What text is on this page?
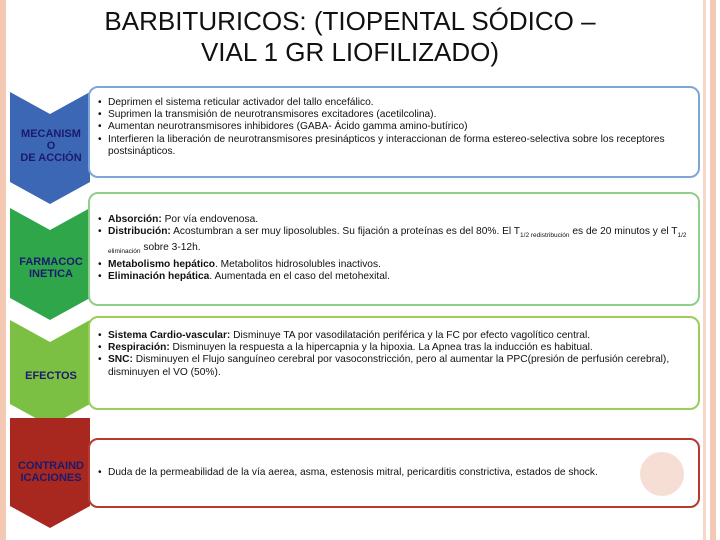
BARBITURICOS: (TIOPENTAL SÓDICO –
VIAL 1 GR LIOFILIZADO)
MECANISM
O
DE ACCIÓN
• Deprimen el sistema reticular activador del tallo encefálico.
• Suprimen la transmisión de neurotransmisores excitadores (acetilcolina).
• Aumentan neurotransmisores inhibidores (GABA- Ácido gamma amino-butírico)
• Interfieren la liberación de neurotransmisores presinápticos y interaccionan de forma estereo-selectiva sobre los receptores postsinápticos.
FARMACOC
INETICA
• Absorción: Por vía endovenosa.
• Distribución: Acostumbran a ser muy liposolubles. Su fijación a proteínas es del 80%. El $T_{1/2 redistribución}$ es de 20 minutos y el $T_{1/2 eliminación}$ sobre 3-12h.
• Metabolismo hepático. Metabolitos hidrosolubles inactivos.
• Eliminación hepática. Aumentada en el caso del metohexital.
EFECTOS
• Sistema Cardio-vascular: Disminuye TA por vasodilatación periférica y la FC por efecto vagolítico central.
• Respiración: Disminuyen la respuesta a la hipercapnia y la hipoxia. La Apnea tras la inducción es habitual.
• SNC: Disminuyen el Flujo sanguíneo cerebral por vasoconstricción, pero al aumentar la PPC(presión de perfusión cerebral), disminuyen el VO (50%).
CONTRAIND
ICACIONES
•	Duda de la permeabilidad de la vía aerea, asma, estenosis mitral, pericarditis constrictiva, estados de shock.
